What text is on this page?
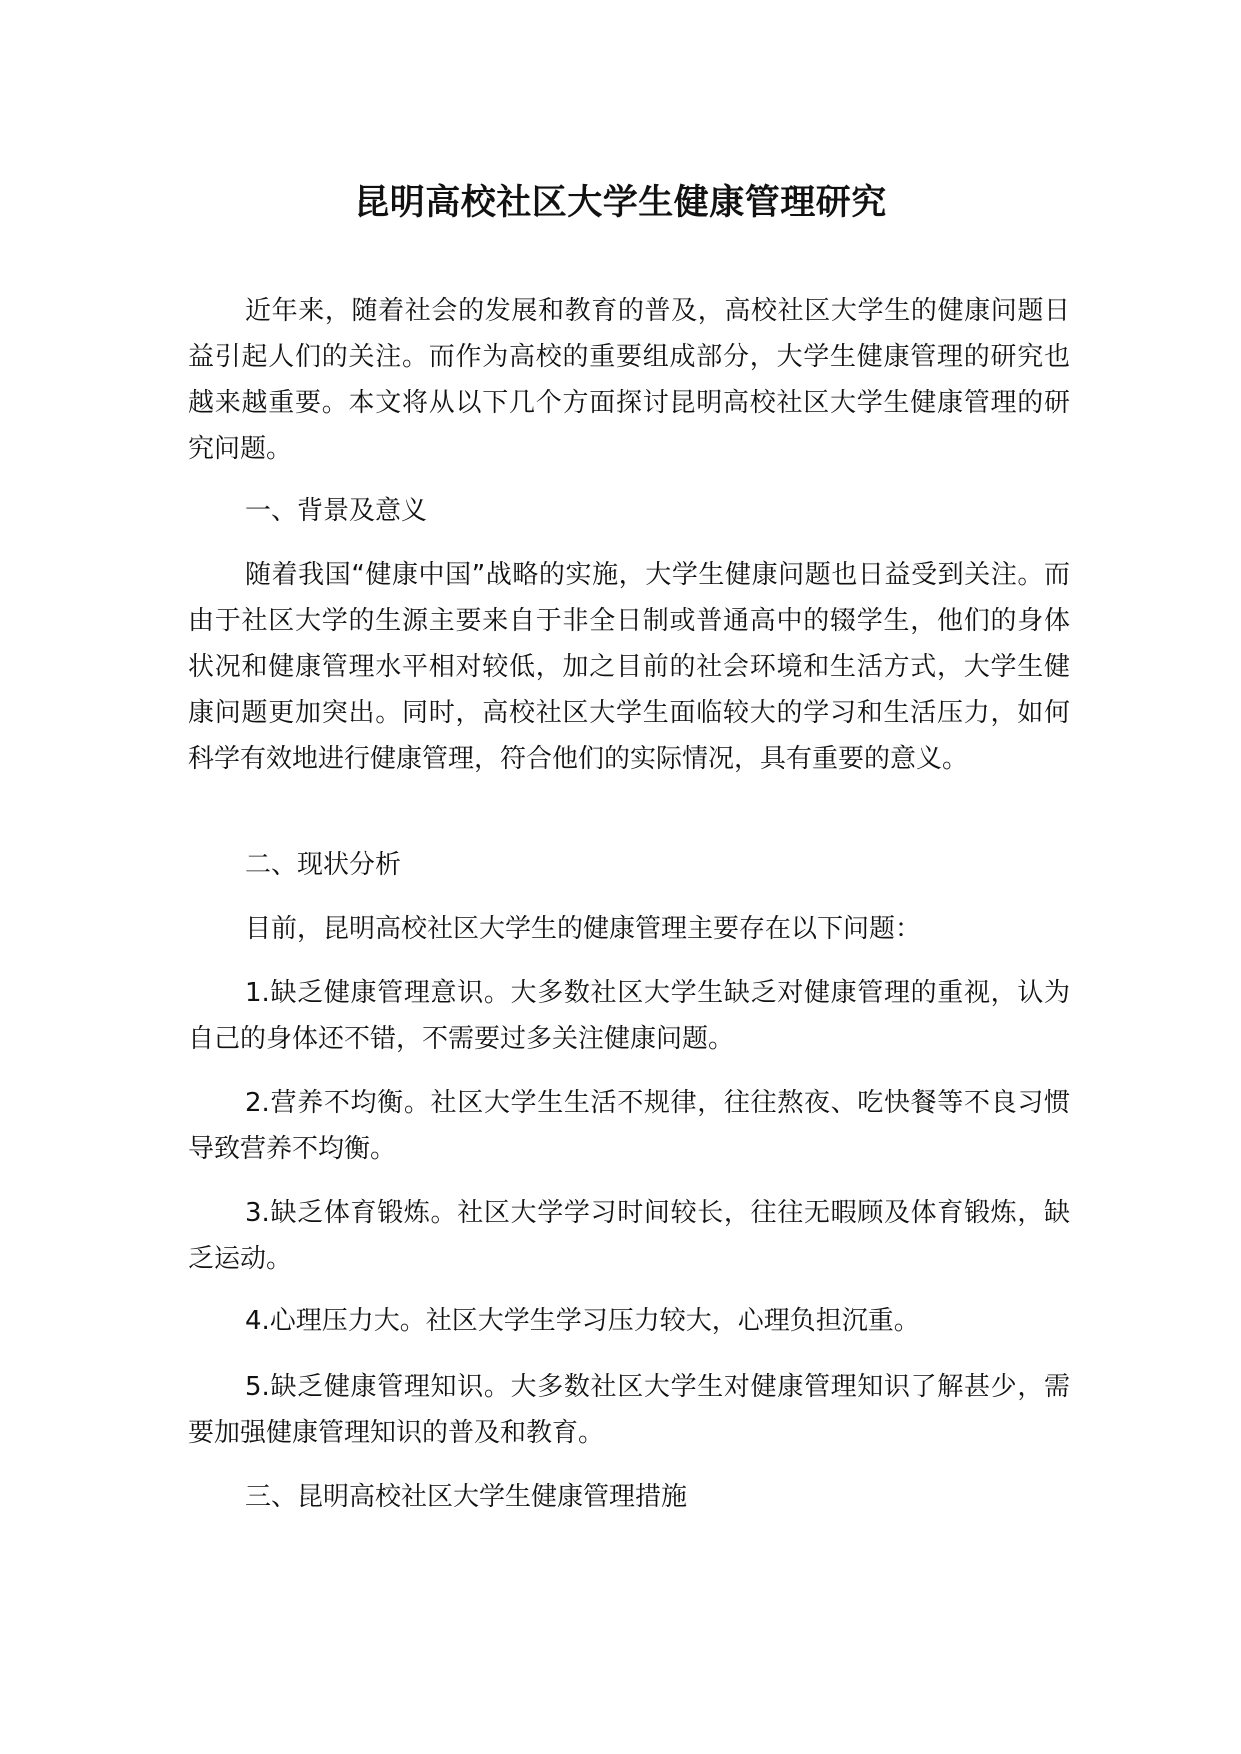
昆明高校社区大学生健康管理研究

近年来，随着社会的发展和教育的普及，高校社区大学生的健康问题日益引起人们的关注。而作为高校的重要组成部分，大学生健康管理的研究也越来越重要。本文将从以下几个方面探讨昆明高校社区大学生健康管理的研究问题。

一、背景及意义

随着我国“健康中国”战略的实施，大学生健康问题也日益受到关注。而由于社区大学的生源主要来自于非全日制或普通高中的辍学生，他们的身体状况和健康管理水平相对较低，加之目前的社会环境和生活方式，大学生健康问题更加突出。同时，高校社区大学生面临较大的学习和生活压力，如何科学有效地进行健康管理，符合他们的实际情况，具有重要的意义。

二、现状分析

目前，昆明高校社区大学生的健康管理主要存在以下问题：

1.缺乏健康管理意识。大多数社区大学生缺乏对健康管理的重视，认为自己的身体还不错，不需要过多关注健康问题。

2.营养不均衡。社区大学生生活不规律，往往熬夜、吃快餐等不良习惯导致营养不均衡。

3.缺乏体育锻炼。社区大学学习时间较长，往往无暇顾及体育锻炼，缺乏运动。

4.心理压力大。社区大学生学习压力较大，心理负担沉重。

5.缺乏健康管理知识。大多数社区大学生对健康管理知识了解甚少，需要加强健康管理知识的普及和教育。

三、昆明高校社区大学生健康管理措施
